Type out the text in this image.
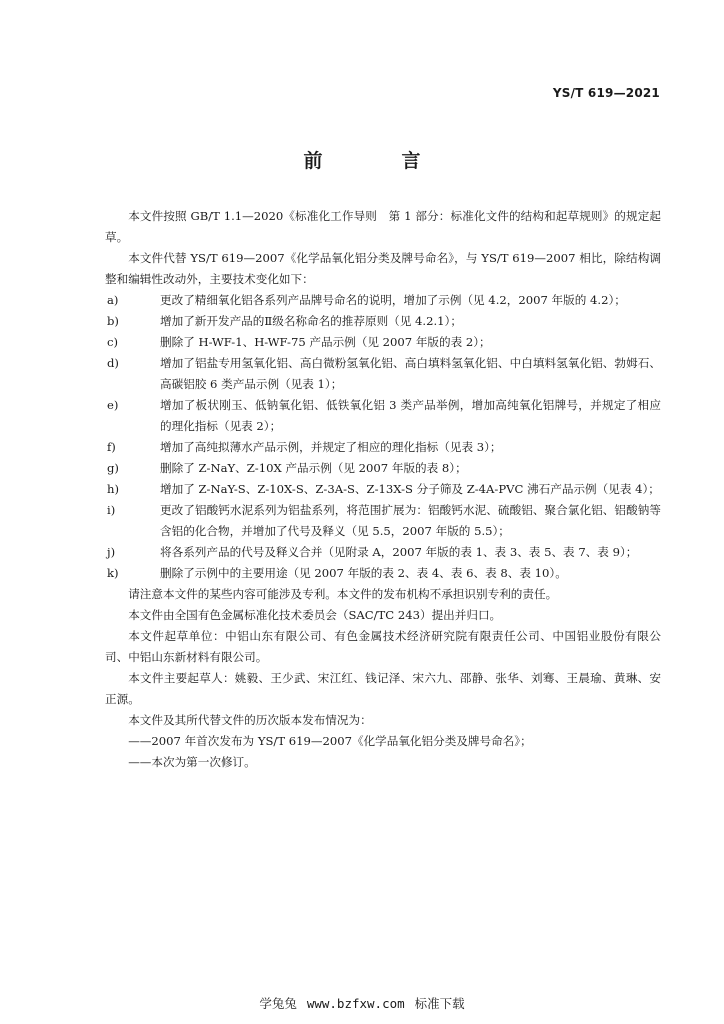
YS/T 619—2021
前　言

本文件按照 GB/T 1.1—2020《标准化工作导则　第 1 部分：标准化文件的结构和起草规则》的规定起草。

本文件代替 YS/T 619—2007《化学品氧化铝分类及牌号命名》，与 YS/T 619—2007 相比，除结构调整和编辑性改动外，主要技术变化如下：

a)	更改了精细氧化铝各系列产品牌号命名的说明，增加了示例（见 4.2，2007 年版的 4.2）；

b)	增加了新开发产品的Ⅱ级名称命名的推荐原则（见 4.2.1）；

c)	删除了 H-WF-1、H-WF-75 产品示例（见 2007 年版的表 2）；

d)	增加了铝盐专用氢氧化铝、高白微粉氢氧化铝、高白填料氢氧化铝、中白填料氢氧化铝、勃姆石、高碳铝胶 6 类产品示例（见表 1）；

e)	增加了板状刚玉、低钠氧化铝、低铁氧化铝 3 类产品举例，增加高纯氧化铝牌号，并规定了相应的理化指标（见表 2）；

f)	增加了高纯拟薄水产品示例，并规定了相应的理化指标（见表 3）；

g)	删除了 Z-NaY、Z-10X 产品示例（见 2007 年版的表 8）；

h)	增加了 Z-NaY-S、Z-10X-S、Z-3A-S、Z-13X-S 分子筛及 Z-4A-PVC 沸石产品示例（见表 4）；

i)	更改了铝酸钙水泥系列为铝盐系列，将范围扩展为：铝酸钙水泥、硫酸铝、聚合氯化铝、铝酸钠等含铝的化合物，并增加了代号及释义（见 5.5，2007 年版的 5.5）；

j)	将各系列产品的代号及释义合并（见附录 A，2007 年版的表 1、表 3、表 5、表 7、表 9）；

k)	删除了示例中的主要用途（见 2007 年版的表 2、表 4、表 6、表 8、表 10）。

请注意本文件的某些内容可能涉及专利。本文件的发布机构不承担识别专利的责任。

本文件由全国有色金属标准化技术委员会（SAC/TC 243）提出并归口。

本文件起草单位：中铝山东有限公司、有色金属技术经济研究院有限责任公司、中国铝业股份有限公司、中铝山东新材料有限公司。

本文件主要起草人：姚毅、王少武、宋江红、钱记泽、宋六九、邵静、张华、刘骞、王晨瑜、黄琳、安正源。

本文件及其所代替文件的历次版本发布情况为：

——2007 年首次发布为 YS/T 619—2007《化学品氧化铝分类及牌号命名》；

——本次为第一次修订。

学兔兔 www.bzfxw.com 标准下载
